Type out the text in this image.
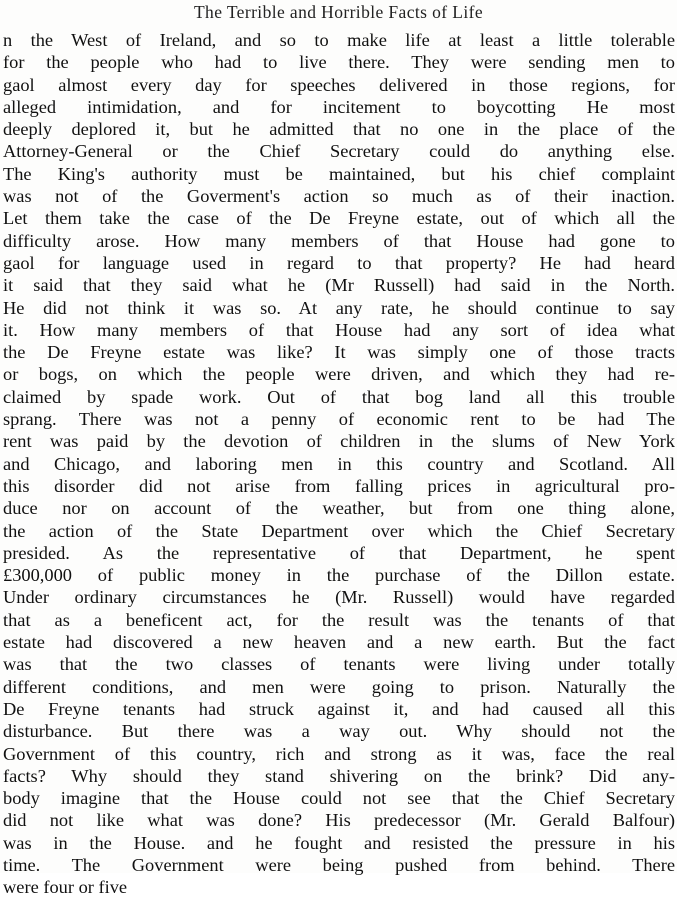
The Terrible and Horrible Facts of Life
n the West of Ireland, and so to make life at least a little tolerable
for the people who had to live there. They were sending men to
gaol almost every day for speeches delivered in those regions, for
alleged intimidation, and for incitement to boycotting He most
deeply deplored it, but he admitted that no one in the place of the
Attorney-General or the Chief Secretary could do anything else.
The King's authority must be maintained, but his chief complaint
was not of the Goverment's action so much as of their inaction.
Let them take the case of the De Freyne estate, out of which all the
difficulty arose. How many members of that House had gone to
gaol for language used in regard to that property? He had heard
it said that they said what he (Mr Russell) had said in the North.
He did not think it was so. At any rate, he should continue to say
it. How many members of that House had any sort of idea what
the De Freyne estate was like? It was simply one of those tracts
or bogs, on which the people were driven, and which they had re-
claimed by spade work. Out of that bog land all this trouble
sprang. There was not a penny of economic rent to be had The
rent was paid by the devotion of children in the slums of New York
and Chicago, and laboring men in this country and Scotland. All
this disorder did not arise from falling prices in agricultural pro-
duce nor on account of the weather, but from one thing alone,
the action of the State Department over which the Chief Secretary
presided. As the representative of that Department, he spent
£300,000 of public money in the purchase of the Dillon estate.
Under ordinary circumstances he (Mr. Russell) would have regarded
that as a beneficent act, for the result was the tenants of that
estate had discovered a new heaven and a new earth. But the fact
was that the two classes of tenants were living under totally
different conditions, and men were going to prison. Naturally the
De Freyne tenants had struck against it, and had caused all this
disturbance. But there was a way out. Why should not the
Government of this country, rich and strong as it was, face the real
facts? Why should they stand shivering on the brink? Did any-
body imagine that the House could not see that the Chief Secretary
did not like what was done? His predecessor (Mr. Gerald Balfour)
was in the House. and he fought and resisted the pressure in his
time. The Government were being pushed from behind. There
were four or five
